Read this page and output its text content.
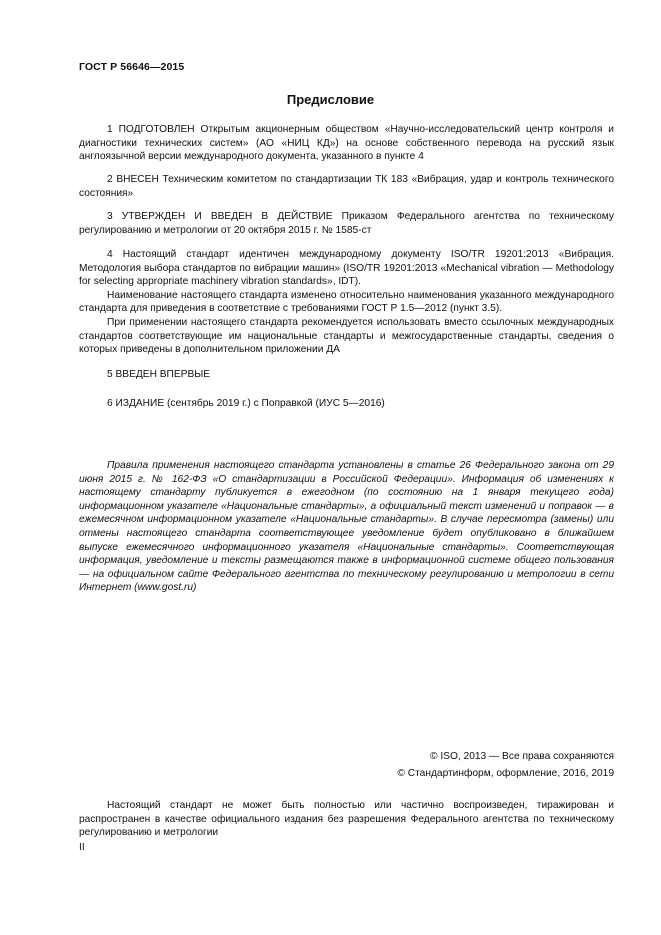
ГОСТ Р 56646—2015
Предисловие

1 ПОДГОТОВЛЕН Открытым акционерным обществом «Научно-исследовательский центр контроля и диагностики технических систем» (АО «НИЦ КД») на основе собственного перевода на русский язык англоязычной версии международного документа, указанного в пункте 4

2 ВНЕСЕН Техническим комитетом по стандартизации ТК 183 «Вибрация, удар и контроль технического состояния»

3 УТВЕРЖДЕН И ВВЕДЕН В ДЕЙСТВИЕ Приказом Федерального агентства по техническому регулированию и метрологии от 20 октября 2015 г. № 1585-ст

4 Настоящий стандарт идентичен международному документу ISO/TR 19201:2013 «Вибрация. Методология выбора стандартов по вибрации машин» (ISO/TR 19201:2013 «Mechanical vibration — Methodology for selecting appropriate machinery vibration standards», IDT).

Наименование настоящего стандарта изменено относительно наименования указанного международного стандарта для приведения в соответствие с требованиями ГОСТ Р 1.5—2012 (пункт 3.5).

При применении настоящего стандарта рекомендуется использовать вместо ссылочных международных стандартов соответствующие им национальные стандарты и межгосударственные стандарты, сведения о которых приведены в дополнительном приложении ДА

5 ВВЕДЕН ВПЕРВЫЕ

6 ИЗДАНИЕ (сентябрь 2019 г.) с Поправкой (ИУС 5—2016)

Правила применения настоящего стандарта установлены в статье 26 Федерального закона от 29 июня 2015 г. № 162-ФЗ «О стандартизации в Российской Федерации». Информация об изменениях к настоящему стандарту публикуется в ежегодном (по состоянию на 1 января текущего года) информационном указателе «Национальные стандарты», а официальный текст изменений и поправок — в ежемесячном информационном указателе «Национальные стандарты». В случае пересмотра (замены) или отмены настоящего стандарта соответствующее уведомление будет опубликовано в ближайшем выпуске ежемесячного информационного указателя «Национальные стандарты». Соответствующая информация, уведомление и тексты размещаются также в информационной системе общего пользования — на официальном сайте Федерального агентства по техническому регулированию и метрологии в сети Интернет (www.gost.ru)

© ISO, 2013 — Все права сохраняются
© Стандартинформ, оформление, 2016, 2019

Настоящий стандарт не может быть полностью или частично воспроизведен, тиражирован и распространен в качестве официального издания без разрешения Федерального агентства по техническому регулированию и метрологии

II
